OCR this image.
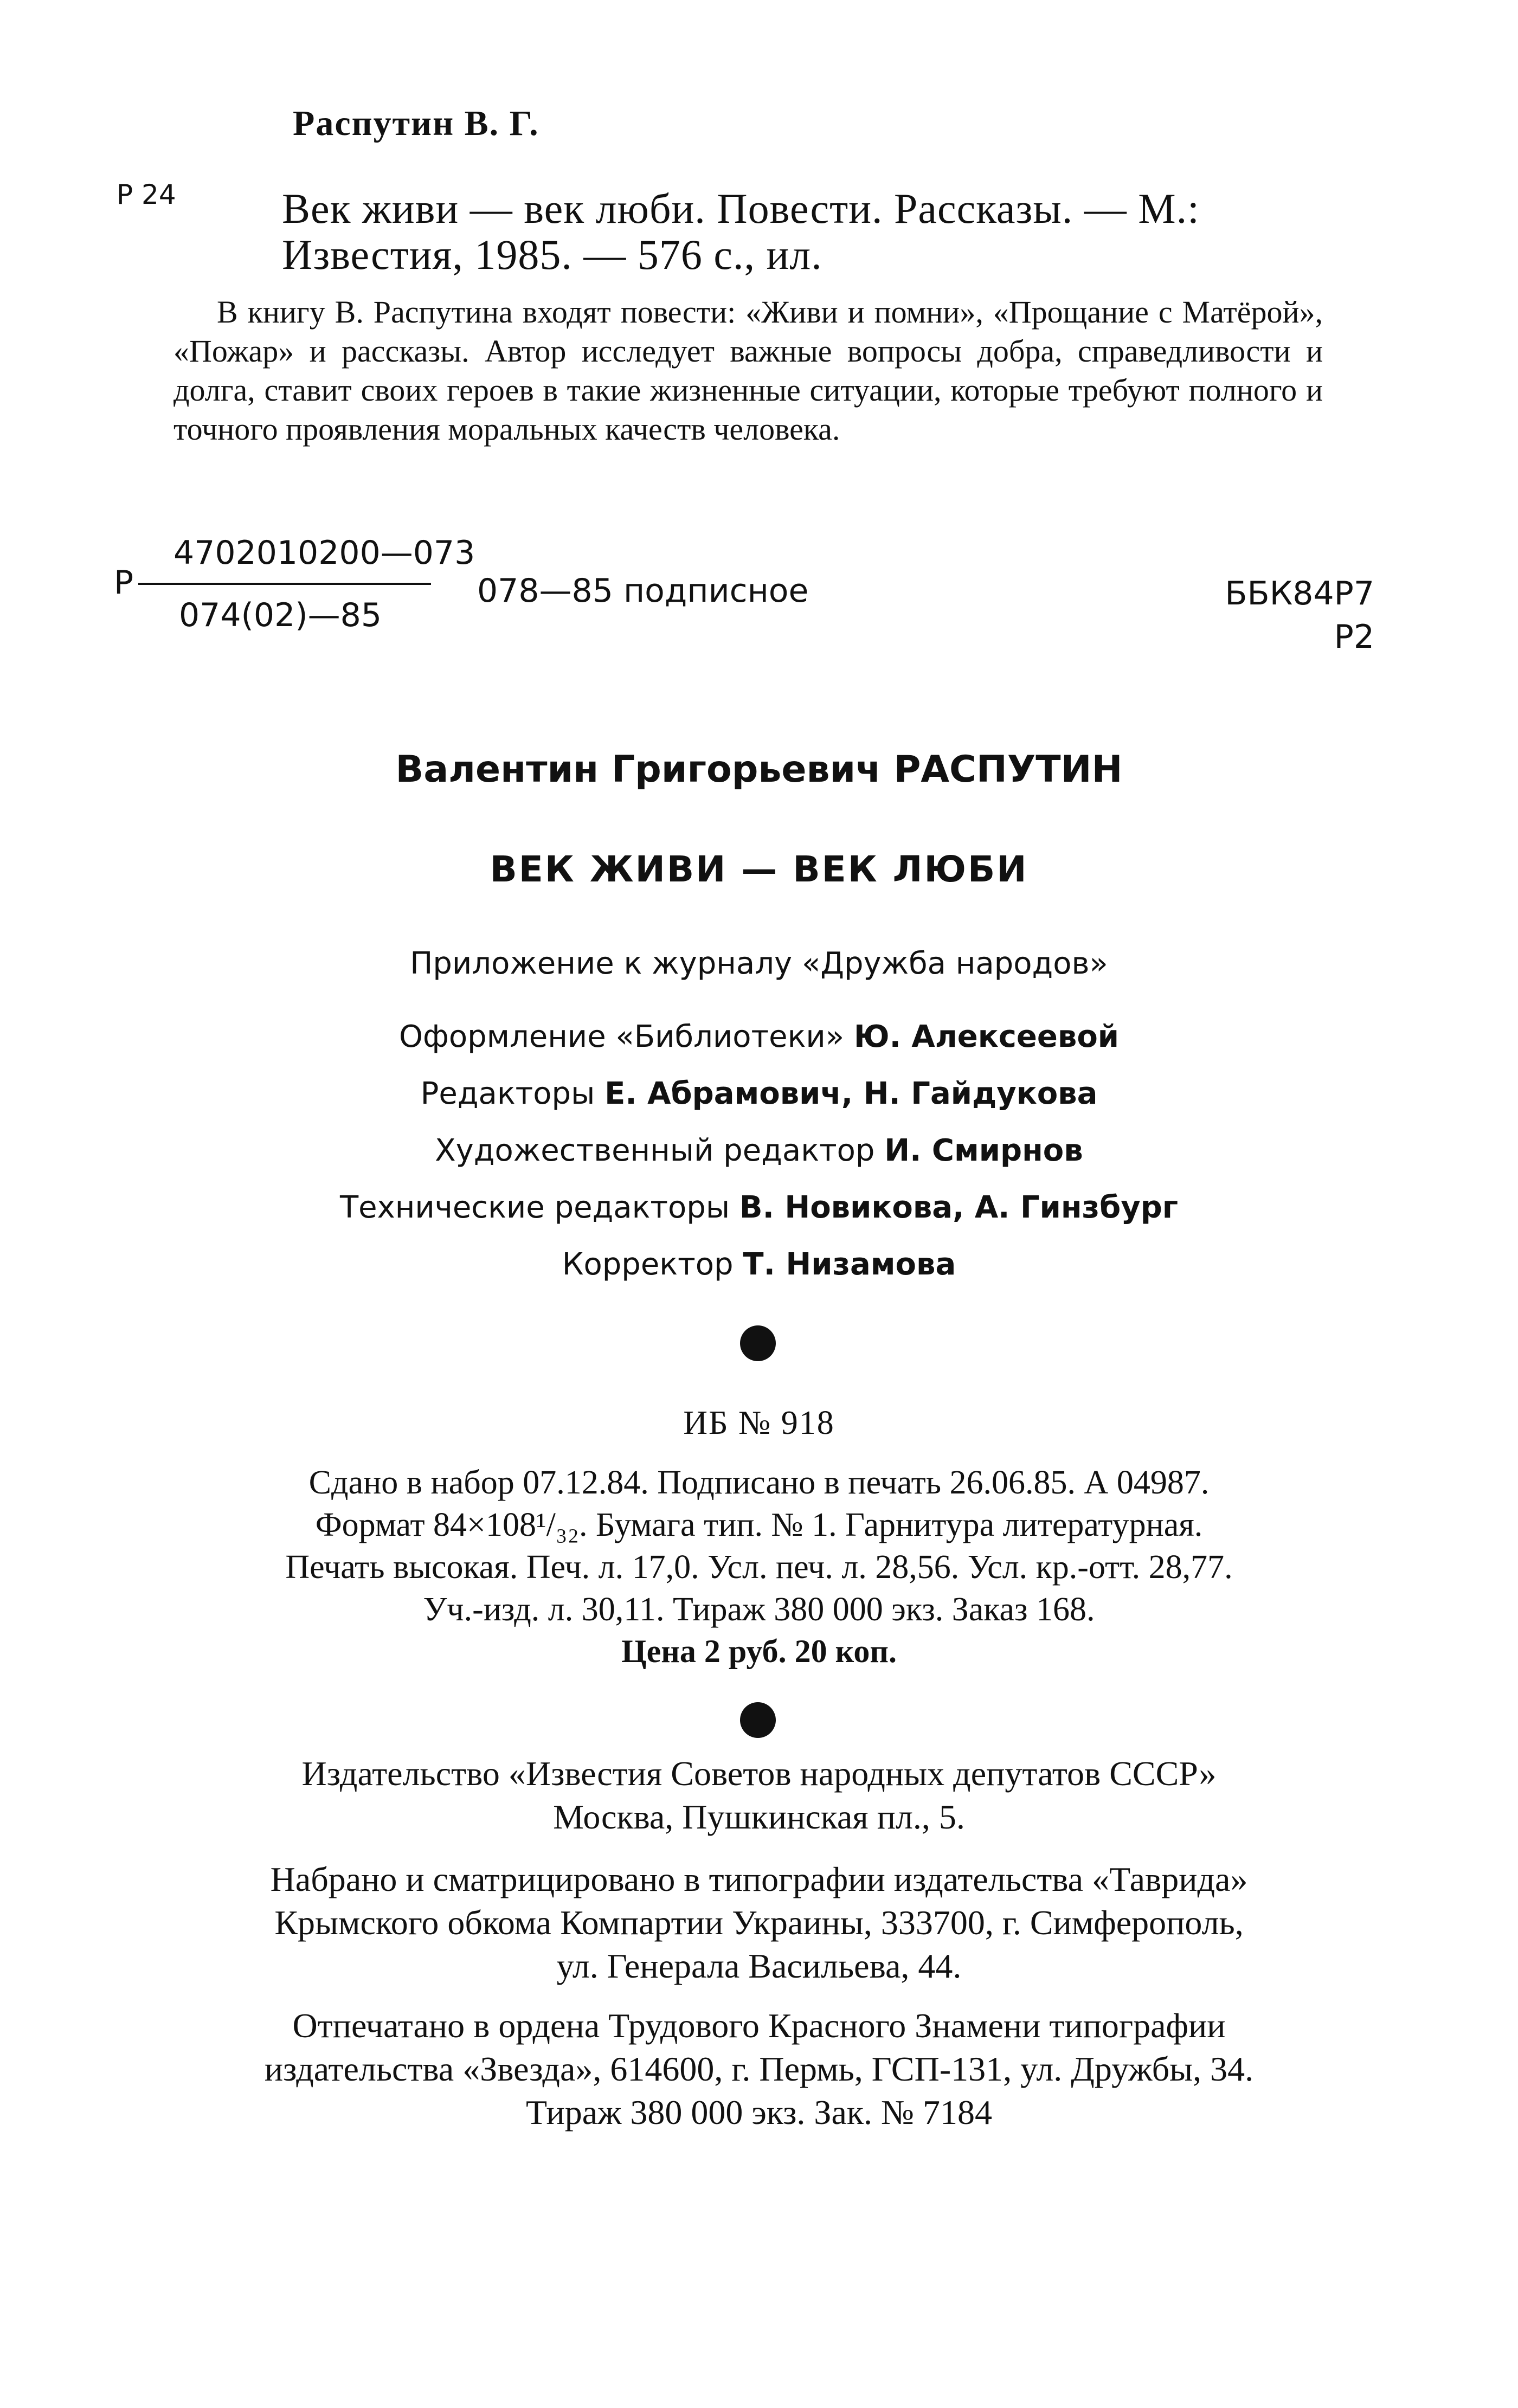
Распутин В. Г.
Р 24	Век живи — век люби. Повести. Рассказы. — М.:
Известия, 1985. — 576 с., ил.

В книгу В. Распутина входят повести: «Живи и помни», «Прощание с Матёрой», «Пожар» и рассказы. Автор исследует важные вопросы добра, справедливости и долга, ставит своих героев в такие жизненные ситуации, которые требуют полного и точного проявления моральных качеств человека.

Р
4702010200—073
074(02)—85
078—85 подписное	ББК84Р7
Р2
Валентин Григорьевич РАСПУТИН
ВЕК ЖИВИ — ВЕК ЛЮБИ
Приложение к журналу «Дружба народов»
Оформление «Библиотеки» Ю. Алексеевой
Редакторы Е. Абрамович, Н. Гайдукова
Художественный редактор И. Смирнов
Технические редакторы В. Новикова, А. Гинзбург
Корректор Т. Низамова
ИБ № 918
Сдано в набор 07.12.84. Подписано в печать 26.06.85. А 04987.
Формат 84×108¹/₃₂. Бумага тип. № 1. Гарнитура литературная.
Печать высокая. Печ. л. 17,0. Усл. печ. л. 28,56. Усл. кр.-отт. 28,77.
Уч.-изд. л. 30,11. Тираж 380 000 экз. Заказ 168.
Цена 2 руб. 20 коп.
Издательство «Известия Советов народных депутатов СССР»
Москва, Пушкинская пл., 5.
Набрано и сматрицировано в типографии издательства «Таврида»
Крымского обкома Компартии Украины, 333700, г. Симферополь,
ул. Генерала Васильева, 44.
Отпечатано в ордена Трудового Красного Знамени типографии
издательства «Звезда», 614600, г. Пермь, ГСП-131, ул. Дружбы, 34.
Тираж 380 000 экз. Зак. № 7184
